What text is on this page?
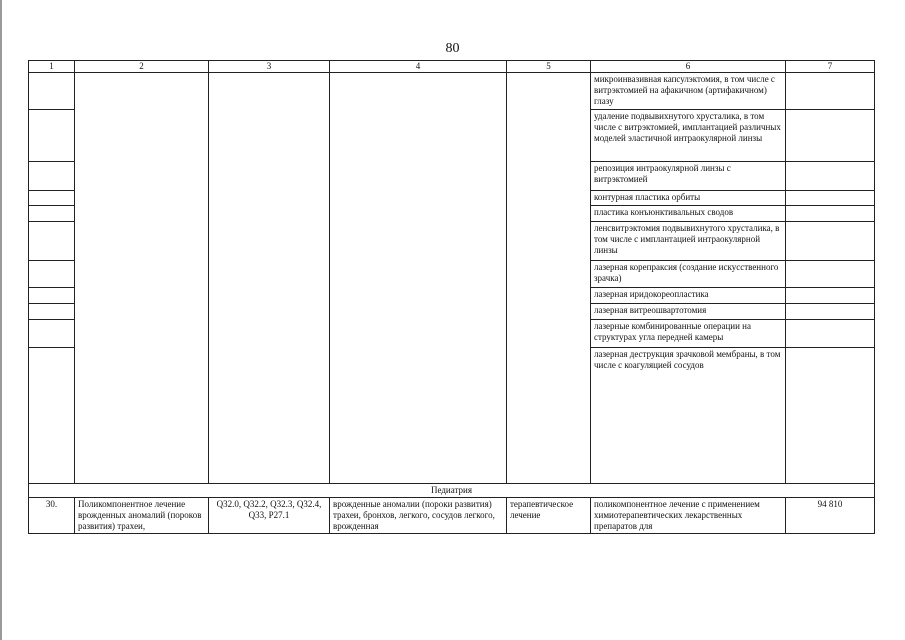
80
1	2	3	4	5	6	7
					микроинвазивная капсулэктомия, в том числе с витрэктомией на афакичном (артифакичном) глазу	
					удаление подвывихнутого хрусталика, в том числе с витрэктомией, имплантацией различных моделей эластичной интраокулярной линзы	
					репозиция интраокулярной линзы с витрэктомией	
					контурная пластика орбиты	
					пластика конъюнктивальных сводов	
					ленсвитрэктомия подвывихнутого хрусталика, в том числе с имплантацией интраокулярной линзы	
					лазерная корепраксия (создание искусственного зрачка)	
					лазерная иридокореопластика	
					лазерная витреошвартотомия	
					лазерные комбинированные операции на структурах угла передней камеры	
					лазерная деструкция зрачковой мембраны, в том числе с коагуляцией сосудов	
Педиатрия						
30.	Поликомпонентное лечение врожденных аномалий (пороков развития) трахеи,	Q32.0, Q32.2, Q32.3, Q32.4, Q33, P27.1	врожденные аномалии (пороки развития) трахеи, бронхов, легкого, сосудов легкого, врожденная	терапевтическое лечение	поликомпонентное лечение с применением химиотерапевтических лекарственных препаратов для	94 810
